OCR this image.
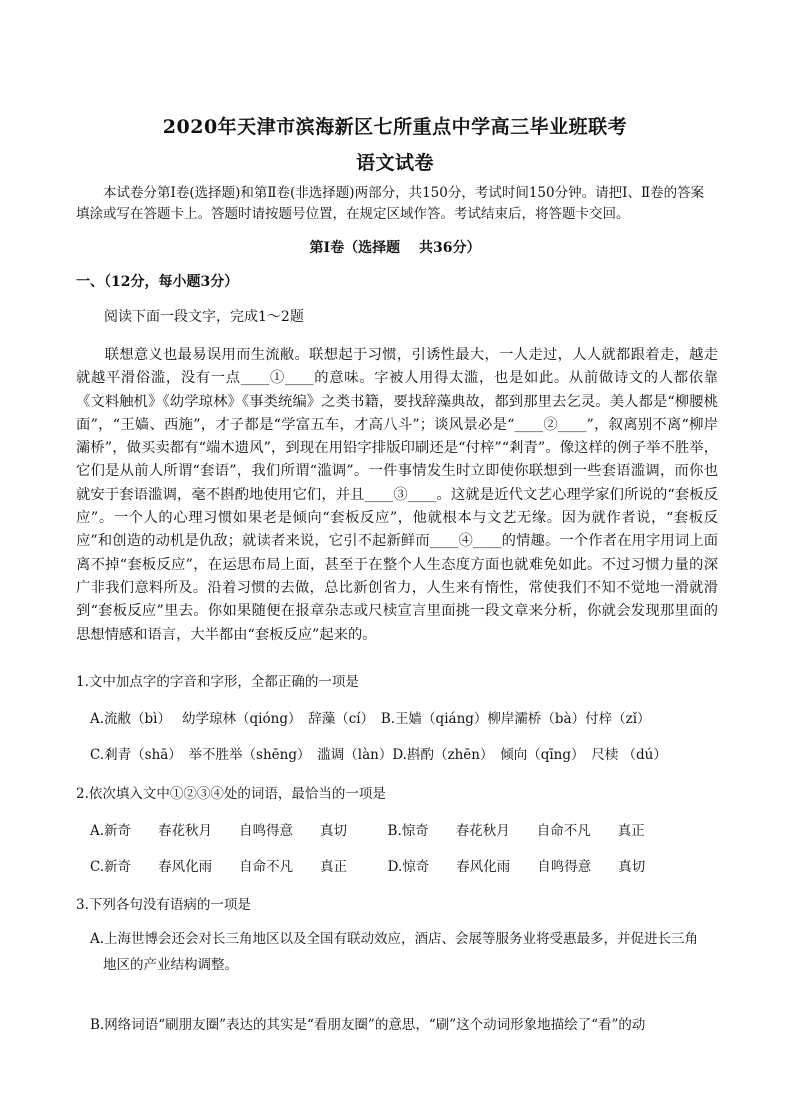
2020年天津市滨海新区七所重点中学高三毕业班联考
语文试卷
本试卷分第Ⅰ卷(选择题)和第Ⅱ卷(非选择题)两部分，共150分，考试时间150分钟。请把Ⅰ、Ⅱ卷的答案填涂或写在答题卡上。答题时请按题号位置，在规定区域作答。考试结束后，将答题卡交回。
第Ⅰ卷（选择题　 共36分）
一、（12分，每小题3分）
阅读下面一段文字，完成1～2题

联想意义也最易误用而生流敝。联想起于习惯，引诱性最大，一人走过，人人就都跟着走，越走就越平滑俗滥，没有一点____①____的意味。字被人用得太滥，也是如此。从前做诗文的人都依靠《文料触机》《幼学琼林》《事类统编》之类书籍，要找辞藻典故，都到那里去乞灵。美人都是“柳腰桃面”，“王嫱、西施”，才子都是“学富五车，才高八斗”；谈风景必是“____②____”，叙离别不离“柳岸灞桥”，做买卖都有“端木遗风”，到现在用铅字排版印刷还是“付梓”“剎青”。像这样的例子举不胜举，它们是从前人所谓“套语”，我们所谓“滥调”。一件事情发生时立即使你联想到一些套语滥调，而你也就安于套语滥调，毫不斟酌地使用它们，并且____③____。这就是近代文艺心理学家们所说的“套板反应”。一个人的心理习惯如果老是倾向“套板反应”，他就根本与文艺无缘。因为就作者说，“套板反应”和创造的动机是仇敌；就读者来说，它引不起新鲜而____④____的情趣。一个作者在用字用词上面离不掉“套板反应”，在运思布局上面，甚至于在整个人生态度方面也就难免如此。不过习惯力量的深广非我们意料所及。沿着习惯的去做，总比新创省力，人生来有惰性，常使我们不知不觉地一滑就滑到“套板反应”里去。你如果随便在报章杂志或尺椟宣言里面挑一段文章来分析，你就会发现那里面的思想情感和语言，大半都由“套板反应”起来的。

1.文中加点字的字音和字形，全都正确的一项是
A.流敝（bì）　 幼学琼林（qióng）　辞藻（cí）　B.王嫱（qiáng）柳岸灞桥（bà）付梓（zǐ）
C.剎青（shā）　举不胜举（shēng）　滥调（làn）D.斟酌（zhēn）　倾向（qīng）　尺椟 （dú）
2.依次填入文中①②③④处的词语，最恰当的一项是
A.新奇　　春花秋月　　自鸣得意　　真切　　　B.惊奇　　春花秋月　　自命不凡　　真正
C.新奇　　春风化雨　　自命不凡　　真正　　　D.惊奇　　春风化雨　　自鸣得意　　真切
3.下列各句没有语病的一项是
A.上海世博会还会对长三角地区以及全国有联动效应，酒店、会展等服务业将受惠最多，并促进长三角
地区的产业结构调整。
B.网络词语“刷朋友圈”表达的其实是“看朋友圈”的意思，“刷”这个动词形象地描绘了“看”的动
